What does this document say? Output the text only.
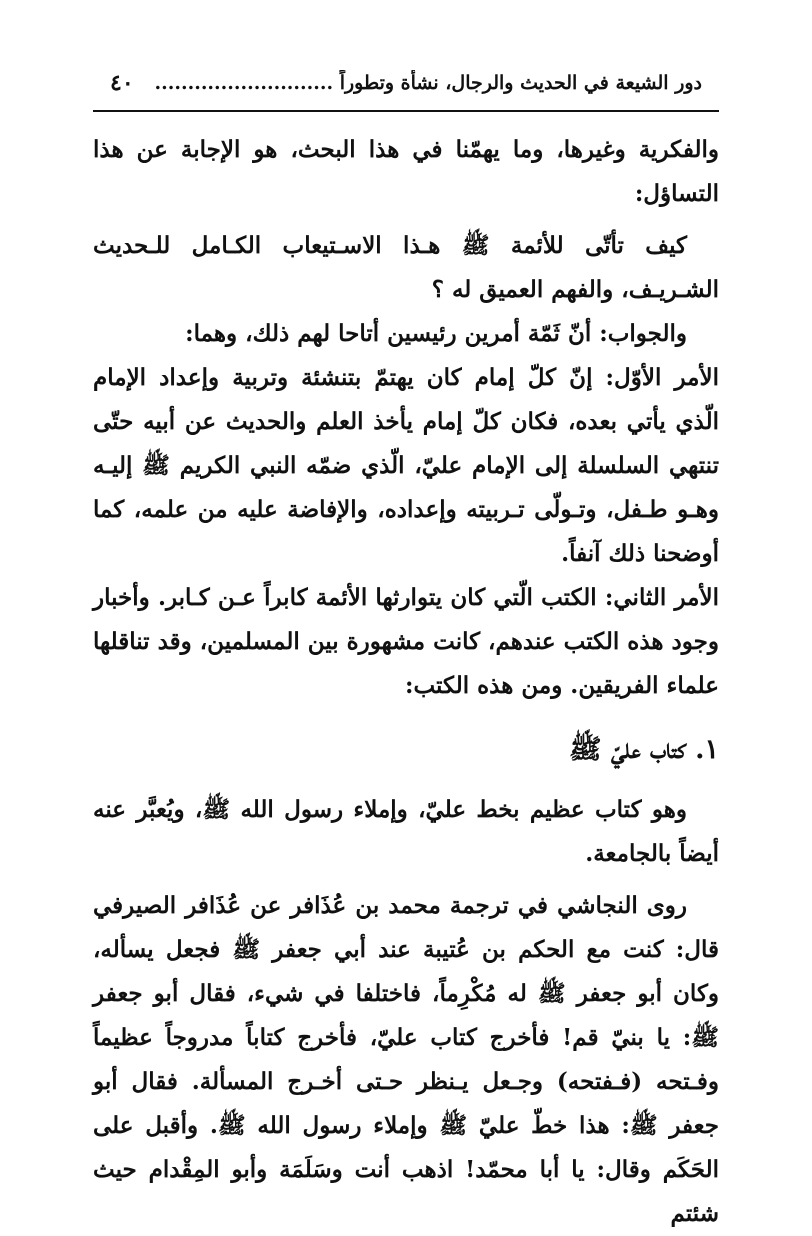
دور الشيعة في الحديث والرجال، نشأة وتطوراً ...........................
٤٠

والفكرية وغيرها، وما يهمّنا في هذا البحث، هو الإجابة عن هذا التساؤل:

كيف تأتّى للأئمة ﷺ هـذا الاسـتيعاب الكـامل للـحديث الشـريـف، والفهم العميق له ؟

والجواب: أنّ ثَمّة أمرين رئيسين أتاحا لهم ذلك، وهما:

الأمر الأوّل: إنّ كلّ إمام كان يهتمّ بتنشئة وتربية وإعداد الإمام الّذي يأتي بعده، فكان كلّ إمام يأخذ العلم والحديث عن أبيه حتّى تنتهي السلسلة إلى الإمام عليّ، الّذي ضمّه النبي الكريم ﷺ إليـه وهـو طـفل، وتـولّى تـربيته وإعداده، والإفاضة عليه من علمه، كما أوضحنا ذلك آنفاً.

الأمر الثاني: الكتب الّتي كان يتوارثها الأئمة كابراً عـن كـابر. وأخبار وجود هذه الكتب عندهم، كانت مشهورة بين المسلمين، وقد تناقلها علماء الفريقين. ومن هذه الكتب:

١. كتاب عليّ ﷺ

وهو كتاب عظيم بخط عليّ، وإملاء رسول الله ﷺ، ويُعبَّر عنه أيضاً بالجامعة.

روى النجاشي في ترجمة محمد بن عُذَافر عن عُذَافر الصيرفي قال: كنت مع الحكم بن عُتيبة عند أبي جعفر ﷺ فجعل يسأله، وكان أبو جعفر ﷺ له مُكْرِماً، فاختلفا في شيء، فقال أبو جعفر ﷺ: يا بنيّ قم! فأخرج كتاب عليّ، فأخرج كتاباً مدروجاً عظيماً وفـتحه (فـفتحه) وجـعل يـنظر حـتى أخـرج المسألة. فقال أبو جعفر ﷺ: هذا خطّ عليّ ﷺ وإملاء رسول الله ﷺ. وأقبل على الحَكَم وقال: يا أبا محمّد! اذهب أنت وسَلَمَة وأبو المِقْدام حيث شئتم
